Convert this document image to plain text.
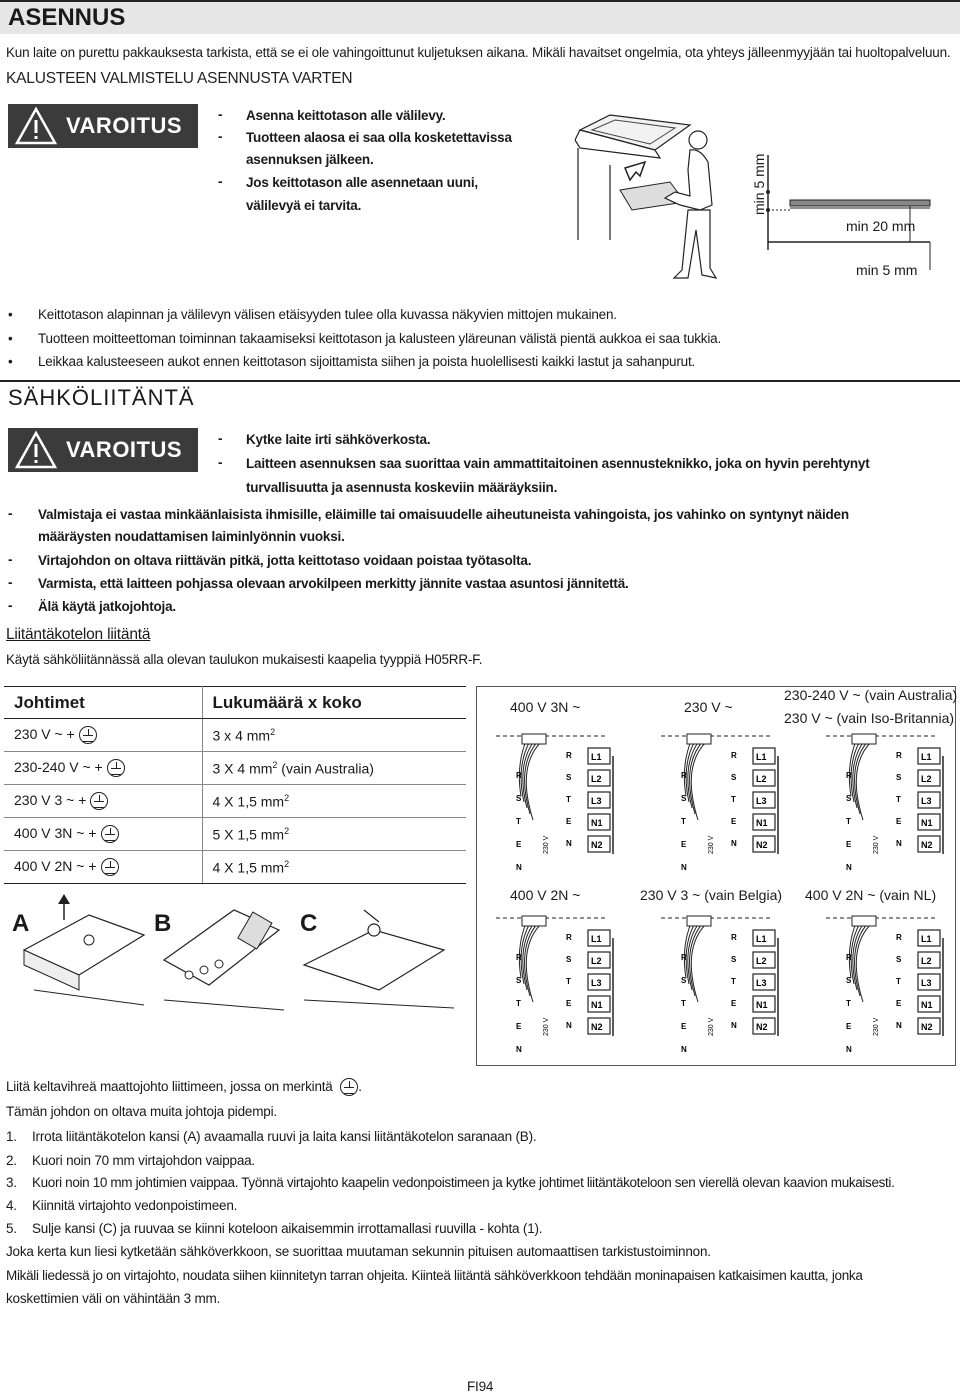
ASENNUS
Kun laite on purettu pakkauksesta tarkista, että se ei ole vahingoittunut kuljetuksen aikana. Mikäli havaitset ongelmia, ota yhteys jälleenmyyjään tai huoltopalveluun.
KALUSTEEN VALMISTELU ASENNUSTA VARTEN
VAROITUS	- Asenna keittotason alle välilevy.
- Tuotteen alaosa ei saa olla kosketettavissa
asennuksen jälkeen.
- Jos keittotason alle asennetaan uuni,
välilevyä ei tarvita.	min 5 mm
min 20 mm
min 5 mm
• Keittotason alapinnan ja välilevyn välisen etäisyyden tulee olla kuvassa näkyvien mittojen mukainen.
• Tuotteen moitteettoman toiminnan takaamiseksi keittotason ja kalusteen yläreunan välistä pientä aukkoa ei saa tukkia.
• Leikkaa kalusteeseen aukot ennen keittotason sijoittamista siihen ja poista huolellisesti kaikki lastut ja sahanpurut.
SÄHKÖLIITÄNTÄ
VAROITUS	- Kytke laite irti sähköverkosta.
- Laitteen asennuksen saa suorittaa vain ammattitaitoinen asennusteknikko, joka on hyvin perehtynyt
turvallisuutta ja asennusta koskeviin määräyksiin.
- Valmistaja ei vastaa minkäänlaisista ihmisille, eläimille tai omaisuudelle aiheutuneista vahingoista, jos vahinko on syntynyt näiden
määräysten noudattamisen laiminlyönnin vuoksi.
- Virtajohdon on oltava riittävän pitkä, jotta keittotaso voidaan poistaa työtasolta.
- Varmista, että laitteen pohjassa olevaan arvokilpeen merkitty jännite vastaa asuntosi jännitettä.
- Älä käytä jatkojohtoja.
Liitäntäkotelon liitäntä
Käytä sähköliitännässä alla olevan taulukon mukaisesti kaapelia tyyppiä H05RR-F.
Johtimet	Lukumäärä x koko
230 V ~ +	3 x 4 $mm^2$
230-240 V ~ +	3 X 4 $mm^2$ (vain Australia)
230 V 3 ~ +	4 X 1,5 $mm^2$
400 V 3N ~ +	5 X 1,5 $mm^2$
400 V 2N ~ +	4 X 1,5 $mm^2$
A	B	C
400 V 3N ~	230 V ~
230-240 V ~ (vain Australia)
230 V ~ (vain Iso-Britannia)
400 V 2N ~	230 V 3 ~ (vain Belgia) 400 V 2N ~ (vain NL)
R
S
T
E
N
L1
R
L2
S
L3
T
N1
E
N2
N
230 V
R
S
T
E
N
L1
R
L2
S
L3
T
N1
E
N2
N
230 V
R
S
T
E
N
L1
R
L2
S
L3
T
N1
E
N2
N
230 V
R
S
T
E
N
L1
R
L2
S
L3
T
N1
E
N2
N
230 V
R
S
T
E
N
L1
R
L2
S
L3
T
N1
E
N2
N
230 V
R
S
T
E
N
L1
R
L2
S
L3
T
N1
E
N2
N
230 V
Liitä keltavihreä maattojohto liittimeen, jossa on merkintä .
Tämän johdon on oltava muita johtoja pidempi.
1. Irrota liitäntäkotelon kansi (A) avaamalla ruuvi ja laita kansi liitäntäkotelon saranaan (B).
2. Kuori noin 70 mm virtajohdon vaippaa.
3. Kuori noin 10 mm johtimien vaippaa. Työnnä virtajohto kaapelin vedonpoistimeen ja kytke johtimet liitäntäkoteloon sen vierellä olevan kaavion mukaisesti.
4. Kiinnitä virtajohto vedonpoistimeen.
5. Sulje kansi (C) ja ruuvaa se kiinni koteloon aikaisemmin irrottamallasi ruuvilla - kohta (1).
Joka kerta kun liesi kytketään sähköverkkoon, se suorittaa muutaman sekunnin pituisen automaattisen tarkistustoiminnon.
Mikäli liedessä jo on virtajohto, noudata siihen kiinnitetyn tarran ohjeita. Kiinteä liitäntä sähköverkkoon tehdään moninapaisen katkaisimen kautta, jonka
koskettimien väli on vähintään 3 mm.
FI94
